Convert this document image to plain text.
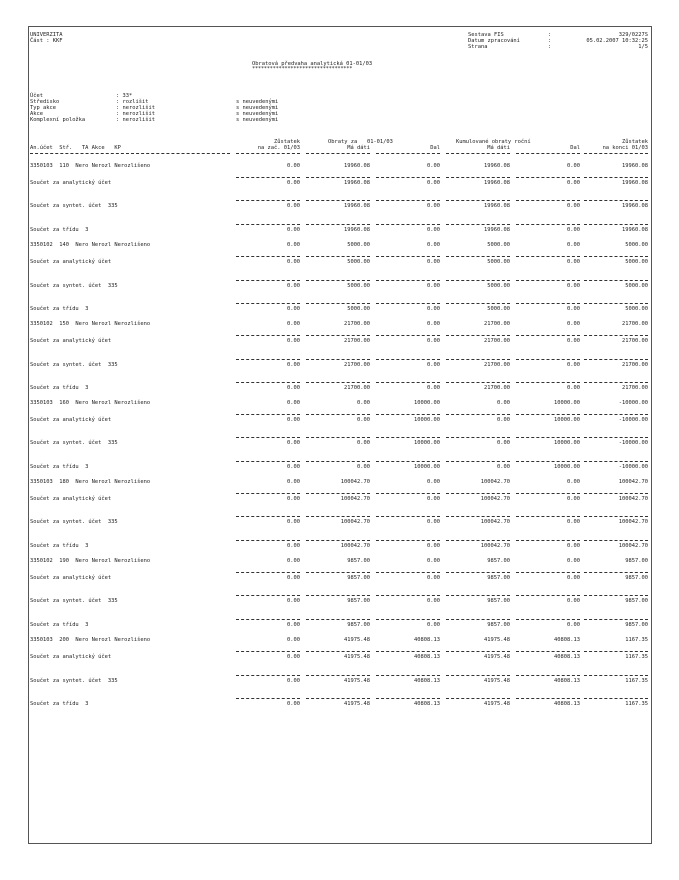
UNIVERZITA
Část : KKF
Sestava FIS	:	329/0227S
Datum zpracování	:	05.02.2007 10:32:25
Strana	:	1/5
Obratová předvaha analytická 01-01/03
**********************************
Účet	: 33*
Středisko	: rozlišit	s neuvedenými
Typ akce	: nerozlišit	s neuvedenými
Akce	: nerozlišit	s neuvedenými
Komplexní položka	: nerozlišit	s neuvedenými
Zůstatek
na zač. 01/03
Obraty za   01-01/03
Má dáti	Dal
Kumulované obraty roční
Má dáti	Dal
Zůstatek
na konci 01/03
An.účet  Stř.   TA Akce   KP
3350103  110  Nero Nerozl Nerozlišeno	0.00	19960.08	0.00	19960.08	0.00	19960.08
Součet za analytický účet	0.00	19960.08	0.00	19960.08	0.00	19960.08
Součet za syntet. účet  335	0.00	19960.08	0.00	19960.08	0.00	19960.08
Součet za třídu  3	0.00	19960.08	0.00	19960.08	0.00	19960.08
3350102  140  Nero Nerozl Nerozlišeno	0.00	5000.00	0.00	5000.00	0.00	5000.00
Součet za analytický účet	0.00	5000.00	0.00	5000.00	0.00	5000.00
Součet za syntet. účet  335	0.00	5000.00	0.00	5000.00	0.00	5000.00
Součet za třídu  3	0.00	5000.00	0.00	5000.00	0.00	5000.00
3350102  150  Nero Nerozl Nerozlišeno	0.00	21700.00	0.00	21700.00	0.00	21700.00
Součet za analytický účet	0.00	21700.00	0.00	21700.00	0.00	21700.00
Součet za syntet. účet  335	0.00	21700.00	0.00	21700.00	0.00	21700.00
Součet za třídu  3	0.00	21700.00	0.00	21700.00	0.00	21700.00
3350103  160  Nero Nerozl Nerozlišeno	0.00	0.00	10000.00	0.00	10000.00	-10000.00
Součet za analytický účet	0.00	0.00	10000.00	0.00	10000.00	-10000.00
Součet za syntet. účet  335	0.00	0.00	10000.00	0.00	10000.00	-10000.00
Součet za třídu  3	0.00	0.00	10000.00	0.00	10000.00	-10000.00
3350103  180  Nero Nerozl Nerozlišeno	0.00	100042.70	0.00	100042.70	0.00	100042.70
Součet za analytický účet	0.00	100042.70	0.00	100042.70	0.00	100042.70
Součet za syntet. účet  335	0.00	100042.70	0.00	100042.70	0.00	100042.70
Součet za třídu  3	0.00	100042.70	0.00	100042.70	0.00	100042.70
3350102  190  Nero Nerozl Nerozlišeno	0.00	9857.00	0.00	9857.00	0.00	9857.00
Součet za analytický účet	0.00	9857.00	0.00	9857.00	0.00	9857.00
Součet za syntet. účet  335	0.00	9857.00	0.00	9857.00	0.00	9857.00
Součet za třídu  3	0.00	9857.00	0.00	9857.00	0.00	9857.00
3350103  200  Nero Nerozl Nerozlišeno	0.00	41975.48	40808.13	41975.48	40808.13	1167.35
Součet za analytický účet	0.00	41975.48	40808.13	41975.48	40808.13	1167.35
Součet za syntet. účet  335	0.00	41975.48	40808.13	41975.48	40808.13	1167.35
Součet za třídu  3	0.00	41975.48	40808.13	41975.48	40808.13	1167.35
